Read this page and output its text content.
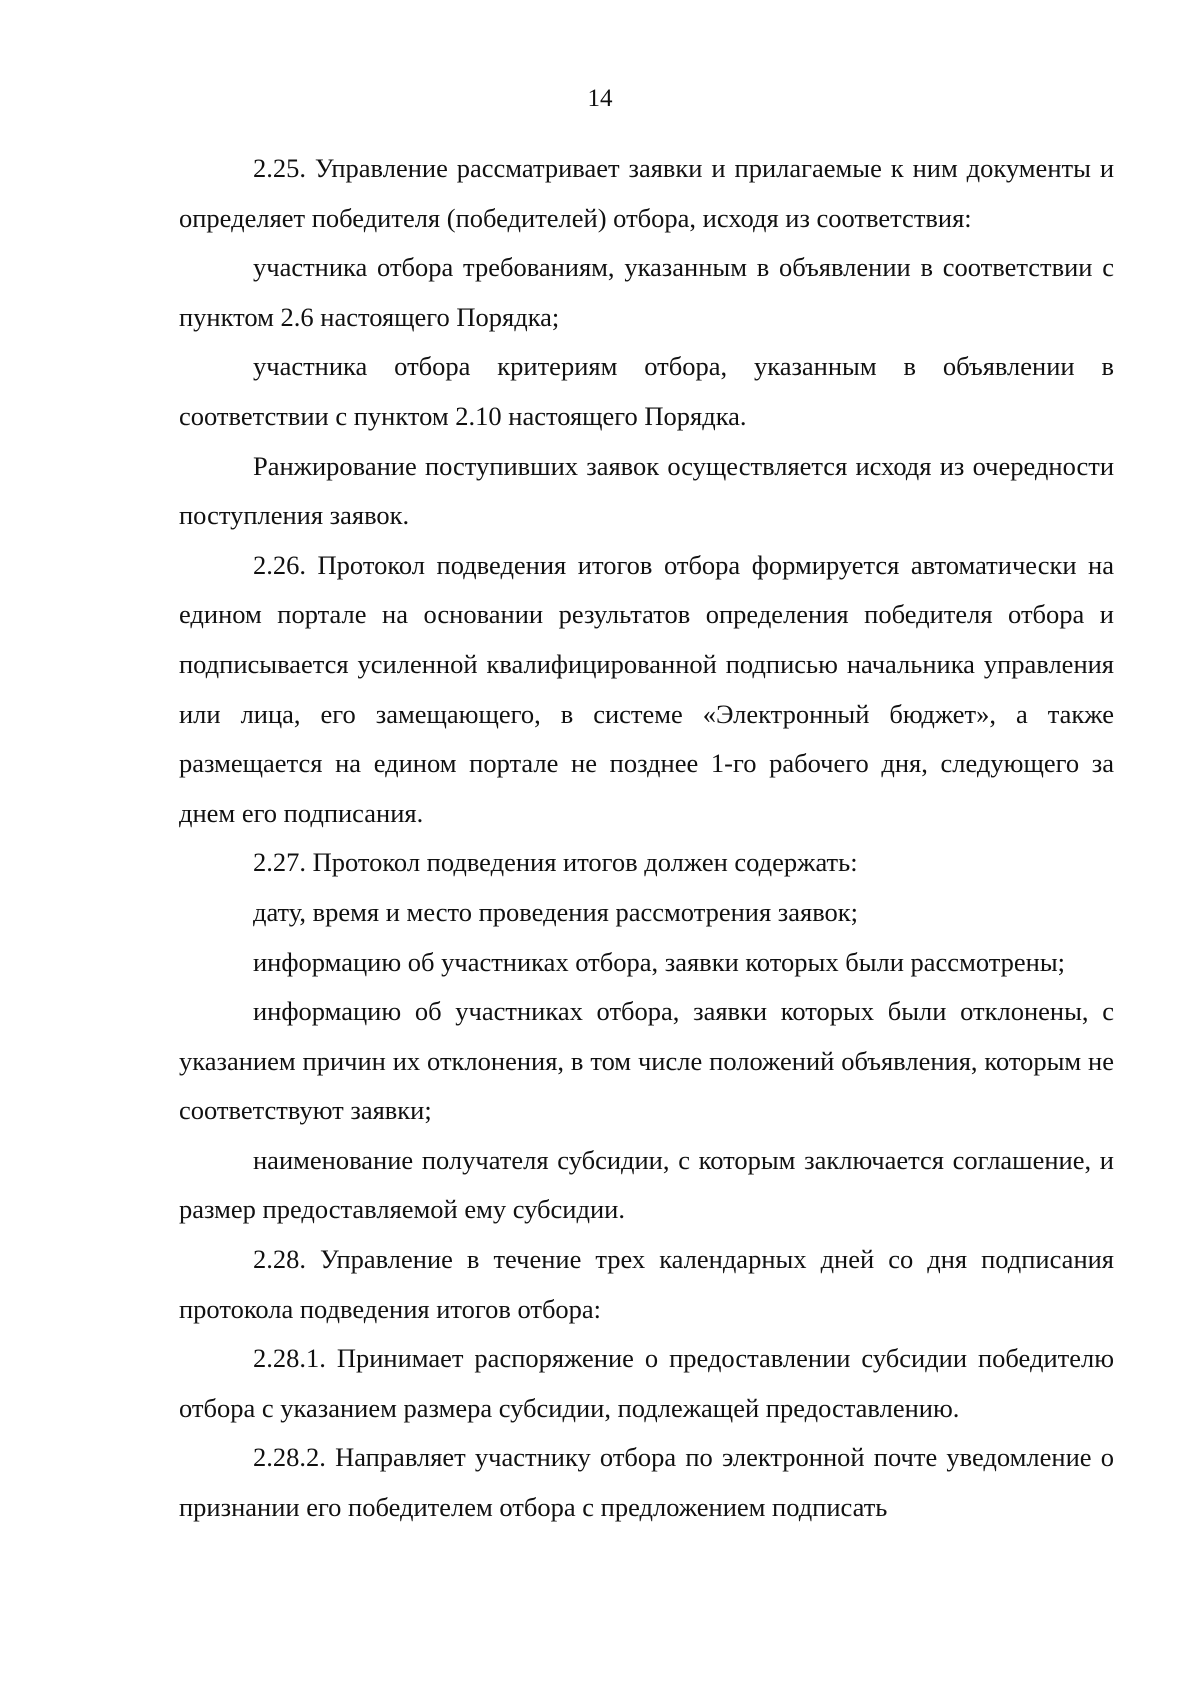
14

2.25. Управление рассматривает заявки и прилагаемые к ним документы и определяет победителя (победителей) отбора, исходя из соответствия:

участника отбора требованиям, указанным в объявлении в соответствии с пунктом 2.6 настоящего Порядка;

участника отбора критериям отбора, указанным в объявлении в соответствии с пунктом 2.10 настоящего Порядка.

Ранжирование поступивших заявок осуществляется исходя из очередности поступления заявок.

2.26. Протокол подведения итогов отбора формируется автоматически на едином портале на основании результатов определения победителя отбора и подписывается усиленной квалифицированной подписью начальника управления или лица, его замещающего, в системе «Электронный бюджет», а также размещается на едином портале не позднее 1-го рабочего дня, следующего за днем его подписания.

2.27. Протокол подведения итогов должен содержать:

дату, время и место проведения рассмотрения заявок;

информацию об участниках отбора, заявки которых были рассмотрены;

информацию об участниках отбора, заявки которых были отклонены, с указанием причин их отклонения, в том числе положений объявления, которым не соответствуют заявки;

наименование получателя субсидии, с которым заключается соглашение, и размер предоставляемой ему субсидии.

2.28. Управление в течение трех календарных дней со дня подписания протокола подведения итогов отбора:

2.28.1. Принимает распоряжение о предоставлении субсидии победителю отбора с указанием размера субсидии, подлежащей предоставлению.

2.28.2. Направляет участнику отбора по электронной почте уведомление о признании его победителем отбора с предложением подписать
